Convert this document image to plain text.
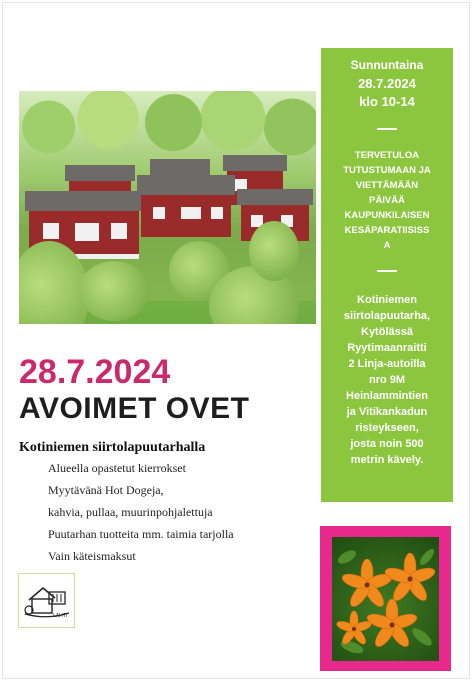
28.7.2024
AVOIMET OVET

Kotiniemen siirtolapuutarhalla

Alueella opastetut kierrokset
Myytävänä Hot Dogeja,
kahvia, pullaa, muurinpohjalettuja
Puutarhan tuotteita mm. taimia tarjolla
Vain käteismaksut
LAHTI
Sunnuntaina
28.7.2024
klo 10-14
TERVETULOA
TUTUSTUMAAN JA
VIETTÄMÄÄN
PÄIVÄÄ
KAUPUNKILAISEN
KESÄPARATIISISS
A
Kotiniemen
siirtolapuutarha,
Kytölässä
Ryytimaanraitti
2 Linja-autoilla
nro 9M
Heinlammintien
ja Vitikankadun
risteykseen,
josta noin 500
metrin kävely.
